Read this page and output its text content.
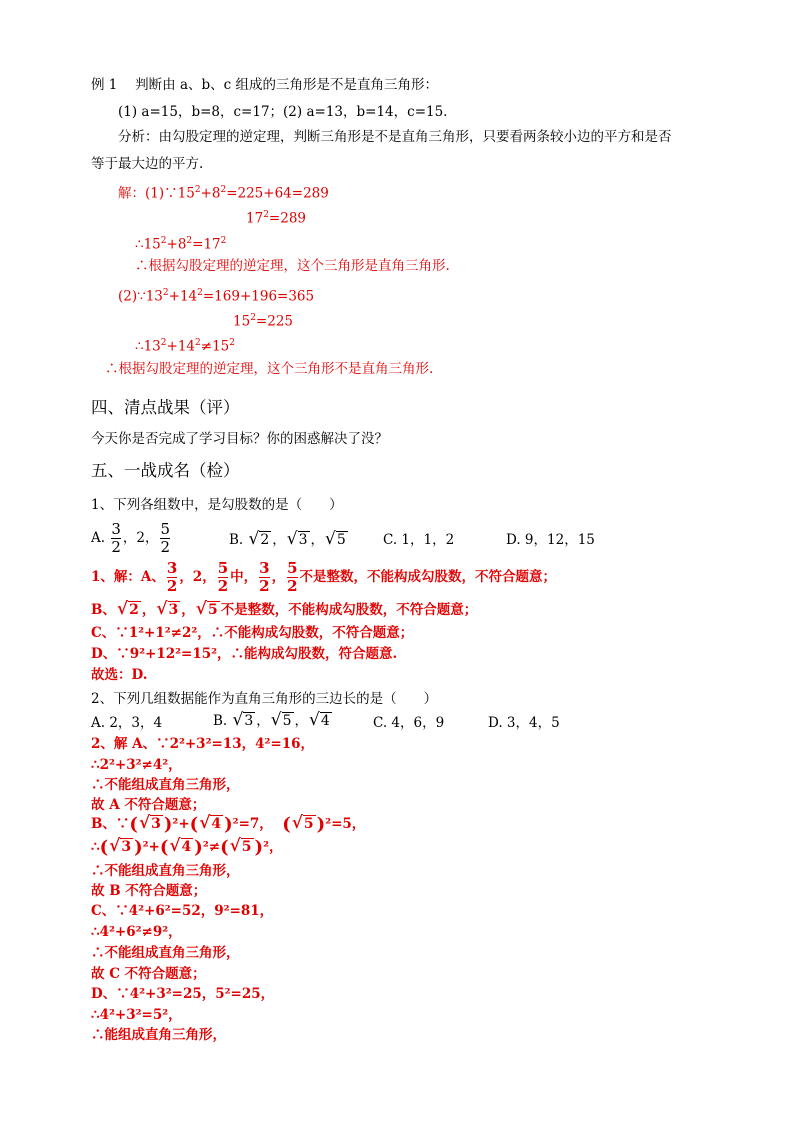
例 1　 判断由 a、b、c 组成的三角形是不是直角三角形：
(1) a=15，b=8，c=17；(2) a=13，b=14，c=15.
分析：由勾股定理的逆定理，判断三角形是不是直角三角形，只要看两条较小边的平方和是否
等于最大边的平方.
解：$(1)\because 15^2+8^2=225+64=289$
$17^2=289$
$\therefore 15^2+8^2=17^2$
∴根据勾股定理的逆定理，这个三角形是直角三角形.
$(2)\because 13^2+14^2=169+196=365$
$15^2=225$
$\therefore 13^2+14^2\ne 15^2$
∴根据勾股定理的逆定理，这个三角形不是直角三角形.
四、清点战果（评）
今天你是否完成了学习目标？你的困惑解决了没？
五、一战成名（检）
1、下列各组数中，是勾股数的是（　　）
A. $\frac{3}{2}$ ，2， $\frac{5}{2}$	B. √ 2 ， √ 3 ， √ 5	C. 1，1，2	D. 9，12，15
1、解：A、 $\frac{3}{2}$ ，2， $\frac{5}{2}$ 中， $\frac{3}{2}$ ， $\frac{5}{2}$ 不是整数，不能构成勾股数，不符合题意；
B、 √ 2 ， √ 3 ， √ 5 不是整数，不能构成勾股数，不符合题意；
C、∵1²+1²≠2²，∴不能构成勾股数，不符合题意；
D、∵9²+12²=15²，∴能构成勾股数，符合题意.
故选：D.
2、下列几组数据能作为直角三角形的三边长的是（　　）
A. 2，3，4	B. √ 3 ， √ 5 ， √ 4	C. 4，6，9	D. 3，4，5
2、解 A、∵2²+3²=13，4²=16，
∴2²+3²≠4²，
∴不能组成直角三角形，
故 A 不符合题意；
B、∵( √ 3 )²+( √ 4 )²=7， ( √ 5 )²=5，
∴( √ 3 )²+( √ 4 )²≠( √ 5 )²，
∴不能组成直角三角形，
故 B 不符合题意；
C、∵4²+6²=52，9²=81，
∴4²+6²≠9²，
∴不能组成直角三角形，
故 C 不符合题意；
D、∵4²+3²=25，5²=25，
∴4²+3²=5²，
∴能组成直角三角形，
